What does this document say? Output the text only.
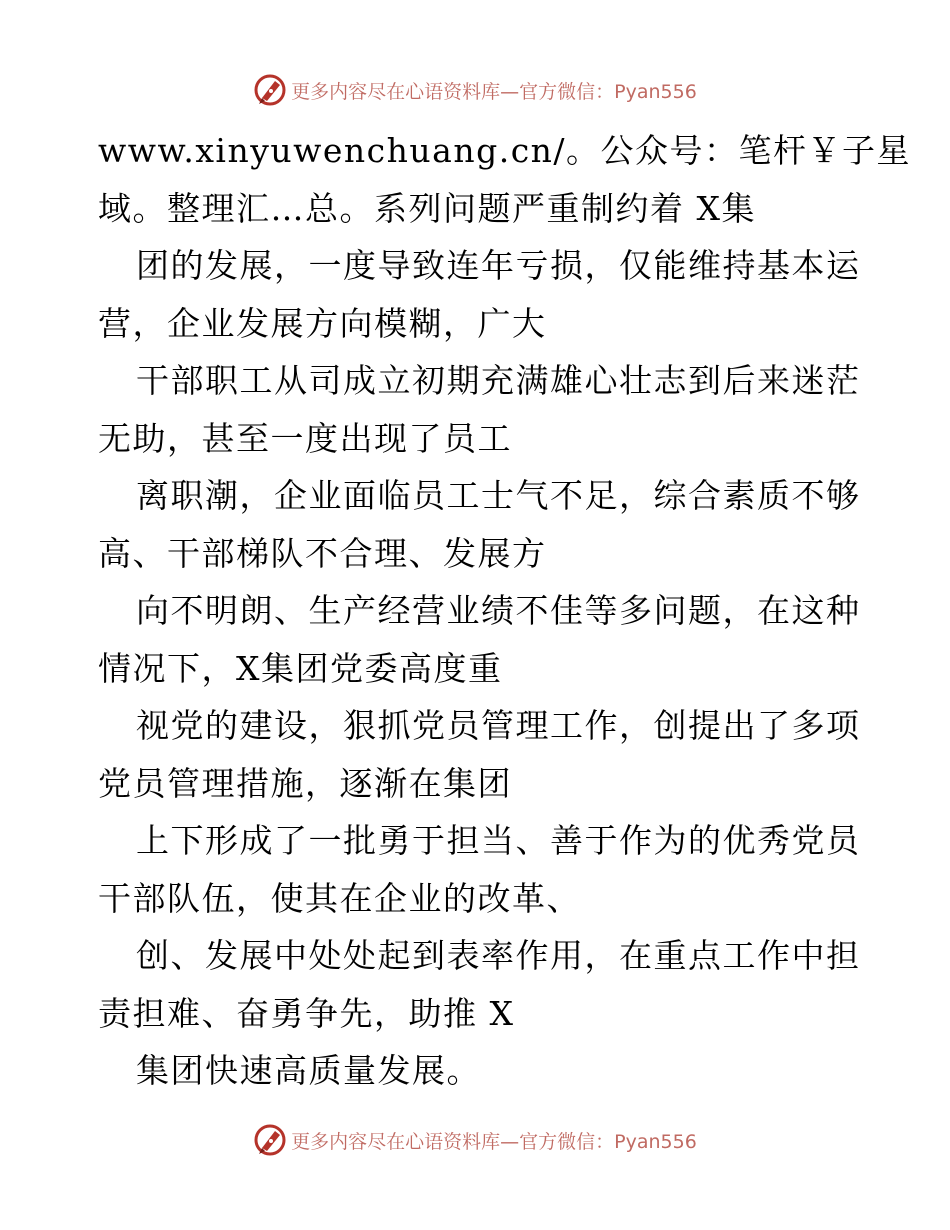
更多内容尽在心语资料库—官方微信：Pyan556
www.xinyuwenchuang.cn/。公众号：笔杆￥子星
域。整理汇…总。系列问题严重制约着 X集
团的发展，一度导致连年亏损，仅能维持基本运
营，企业发展方向模糊，广大
干部职工从司成立初期充满雄心壮志到后来迷茫
无助，甚至一度出现了员工
离职潮，企业面临员工士气不足，综合素质不够
高、干部梯队不合理、发展方
向不明朗、生产经营业绩不佳等多问题，在这种
情况下，X集团党委高度重
视党的建设，狠抓党员管理工作，创提出了多项
党员管理措施，逐渐在集团
上下形成了一批勇于担当、善于作为的优秀党员
干部队伍，使其在企业的改革、
创、发展中处处起到表率作用，在重点工作中担
责担难、奋勇争先，助推 X
集团快速高质量发展。
更多内容尽在心语资料库—官方微信：Pyan556
